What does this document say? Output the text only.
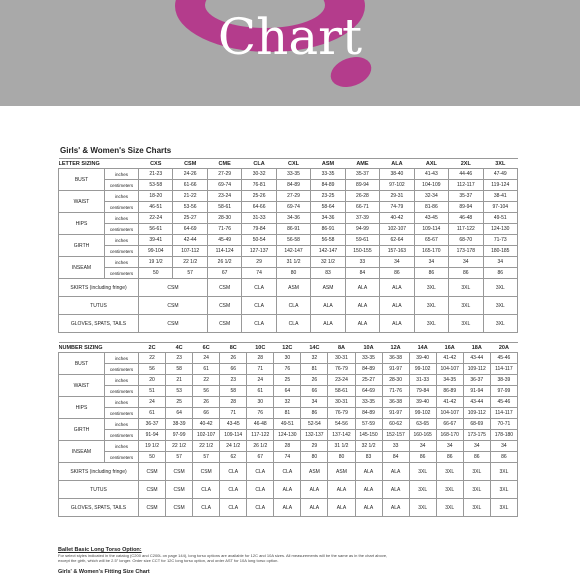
Chart
Girls' & Women's Size Charts
LETTER SIZING		CXS	CSM	CME	CLA	CXL	ASM	AME	ALA	AXL	2XL	3XL
BUST	inches	21-23	24-26	27-29	30-32	33-35	33-35	35-37	38-40	41-43	44-46	47-49
	centimeters	53-58	61-66	69-74	76-81	84-89	84-89	89-94	97-102	104-109	112-117	119-124
WAIST	inches	18-20	21-22	23-24	25-26	27-29	23-25	26-28	29-31	32-34	35-37	38-41
	centimeters	46-51	53-56	58-61	64-66	69-74	58-64	66-71	74-79	81-86	89-94	97-104
HIPS	inches	22-24	25-27	28-30	31-33	34-36	34-36	37-39	40-42	43-45	46-48	49-51
	centimeters	56-61	64-69	71-76	79-84	86-91	86-91	94-99	102-107	109-114	117-122	124-130
GIRTH	inches	39-41	42-44	45-49	50-54	56-58	56-58	59-61	62-64	65-67	68-70	71-73
	centimeters	99-104	107-112	114-124	127-137	142-147	142-147	150-155	157-163	165-170	173-178	180-185
INSEAM	inches	19 1/2	22 1/2	26 1/2	29	31 1/2	32 1/2	33	34	34	34	34
	centimeters	50	57	67	74	80	83	84	86	86	86	86
SKIRTS (including fringe)		CSM		CSM	CLA	ASM	ASM	ALA	ALA	3XL	3XL	3XL
TUTUS		CSM		CSM	CLA	CLA	ALA	ALA	ALA	3XL	3XL	3XL
GLOVES, SPATS, TAILS		CSM		CSM	CLA	CLA	ALA	ALA	ALA	3XL	3XL	3XL
NUMBER SIZING		2C	4C	6C	8C	10C	12C	14C	8A	10A	12A	14A	16A	18A	20A
BUST	inches	22	23	24	26	28	30	32	30-31	33-35	36-38	39-40	41-42	43-44	45-46
	centimeters	56	58	61	66	71	76	81	76-79	84-89	91-97	99-102	104-107	109-112	114-117
WAIST	inches	20	21	22	23	24	25	26	23-24	25-27	28-30	31-33	34-35	36-37	38-39
	centimeters	51	53	56	58	61	64	66	58-61	64-69	71-76	79-84	86-89	91-94	97-99
HIPS	inches	24	25	26	28	30	32	34	30-31	33-35	36-38	39-40	41-42	43-44	45-46
	centimeters	61	64	66	71	76	81	86	76-79	84-89	91-97	99-102	104-107	109-112	114-117
GIRTH	inches	36-37	38-39	40-42	43-45	46-48	49-51	52-54	54-56	57-59	60-62	63-65	66-67	68-69	70-71
	centimeters	91-94	97-99	102-107	109-114	117-122	124-130	132-137	137-142	145-150	152-157	160-165	168-170	173-175	178-180
INSEAM	inches	19 1/2	22 1/2	22 1/2	24 1/2	26 1/2	28	29	31 1/2	32 1/2	33	34	34	34	34
	centimeters	50	57	57	62	67	74	80	80	83	84	86	86	86	86
SKIRTS (including fringe)		CSM	CSM	CSM	CLA	CLA	CLA	ASM	ASM	ALA	ALA	3XL	3XL	3XL	3XL
TUTUS		CSM	CSM	CLA	CLA	CLA	ALA	ALA	ALA	ALA	ALA	3XL	3XL	3XL	3XL
GLOVES, SPATS, TAILS		CSM	CSM	CLA	CLA	CLA	ALA	ALA	ALA	ALA	ALA	3XL	3XL	3XL	3XL
Ballet Basic Long Torso Option:
For select styles indicated in the catalog (C200 and C200L on page 144), long torso options are available for 12C and 10A sizes. All measurements will be the same as in the chart above,
except the girth, which will be 2.5" longer. Order size CCT for 12C long torso option, and order AST for 10A long torso option.
Girls' & Women's Fitting Size Chart
